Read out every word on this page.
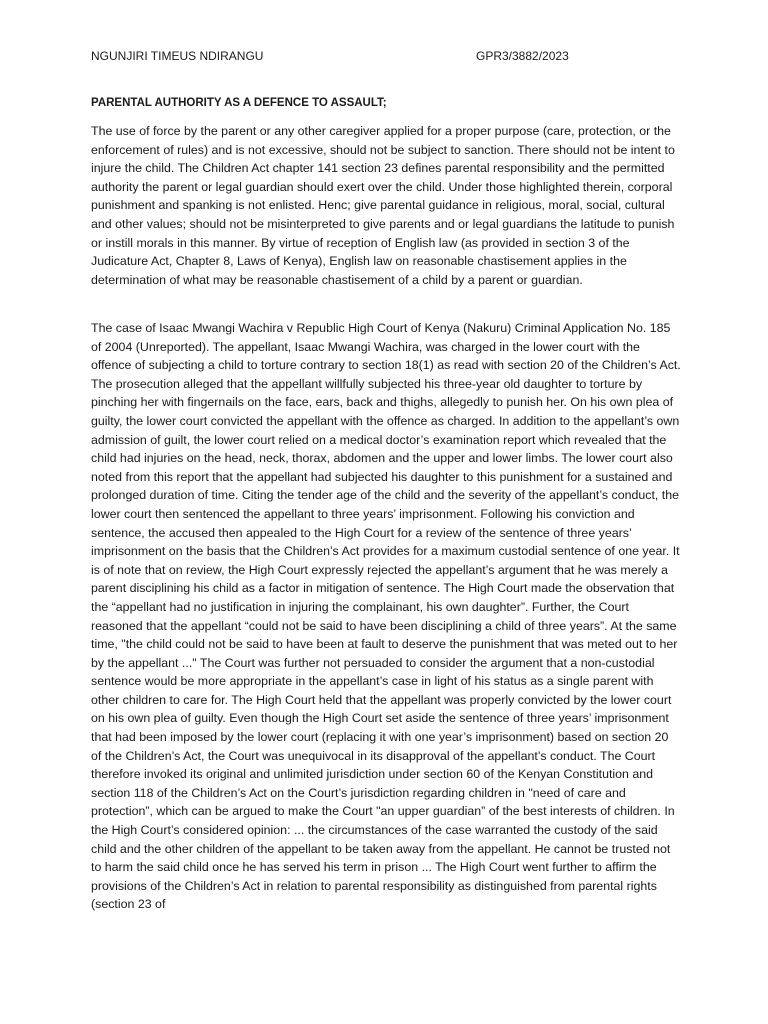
NGUNJIRI TIMEUS NDIRANGU	GPR3/3882/2023
PARENTAL AUTHORITY AS A DEFENCE TO ASSAULT;

The use of force by the parent or any other caregiver applied for a proper purpose (care, protection, or the enforcement of rules) and is not excessive, should not be subject to sanction. There should not be intent to injure the child. The Children Act chapter 141 section 23 defines parental responsibility and the permitted authority the parent or legal guardian should exert over the child. Under those highlighted therein, corporal punishment and spanking is not enlisted. Henc; give parental guidance in religious, moral, social, cultural and other values; should not be misinterpreted to give parents and or legal guardians the latitude to punish or instill morals in this manner. By virtue of reception of English law (as provided in section 3 of the Judicature Act, Chapter 8, Laws of Kenya), English law on reasonable chastisement applies in the determination of what may be reasonable chastisement of a child by a parent or guardian.

The case of Isaac Mwangi Wachira v Republic High Court of Kenya (Nakuru) Criminal Application No. 185 of 2004 (Unreported). The appellant, Isaac Mwangi Wachira, was charged in the lower court with the offence of subjecting a child to torture contrary to section 18(1) as read with section 20 of the Children’s Act. The prosecution alleged that the appellant willfully subjected his three-year old daughter to torture by pinching her with fingernails on the face, ears, back and thighs, allegedly to punish her. On his own plea of guilty, the lower court convicted the appellant with the offence as charged. In addition to the appellant’s own admission of guilt, the lower court relied on a medical doctor’s examination report which revealed that the child had injuries on the head, neck, thorax, abdomen and the upper and lower limbs. The lower court also noted from this report that the appellant had subjected his daughter to this punishment for a sustained and prolonged duration of time. Citing the tender age of the child and the severity of the appellant’s conduct, the lower court then sentenced the appellant to three years’ imprisonment. Following his conviction and sentence, the accused then appealed to the High Court for a review of the sentence of three years’ imprisonment on the basis that the Children’s Act provides for a maximum custodial sentence of one year. It is of note that on review, the High Court expressly rejected the appellant’s argument that he was merely a parent disciplining his child as a factor in mitigation of sentence. The High Court made the observation that the “appellant had no justification in injuring the complainant, his own daughter”. Further, the Court reasoned that the appellant “could not be said to have been disciplining a child of three years”. At the same time, "the child could not be said to have been at fault to deserve the punishment that was meted out to her by the appellant ..." The Court was further not persuaded to consider the argument that a non-custodial sentence would be more appropriate in the appellant’s case in light of his status as a single parent with other children to care for. The High Court held that the appellant was properly convicted by the lower court on his own plea of guilty. Even though the High Court set aside the sentence of three years’ imprisonment that had been imposed by the lower court (replacing it with one year’s imprisonment) based on section 20 of the Children’s Act, the Court was unequivocal in its disapproval of the appellant’s conduct. The Court therefore invoked its original and unlimited jurisdiction under section 60 of the Kenyan Constitution and section 118 of the Children’s Act on the Court’s jurisdiction regarding children in "need of care and protection”, which can be argued to make the Court "an upper guardian” of the best interests of children. In the High Court’s considered opinion: ... the circumstances of the case warranted the custody of the said child and the other children of the appellant to be taken away from the appellant. He cannot be trusted not to harm the said child once he has served his term in prison ... The High Court went further to affirm the provisions of the Children’s Act in relation to parental responsibility as distinguished from parental rights (section 23 of
